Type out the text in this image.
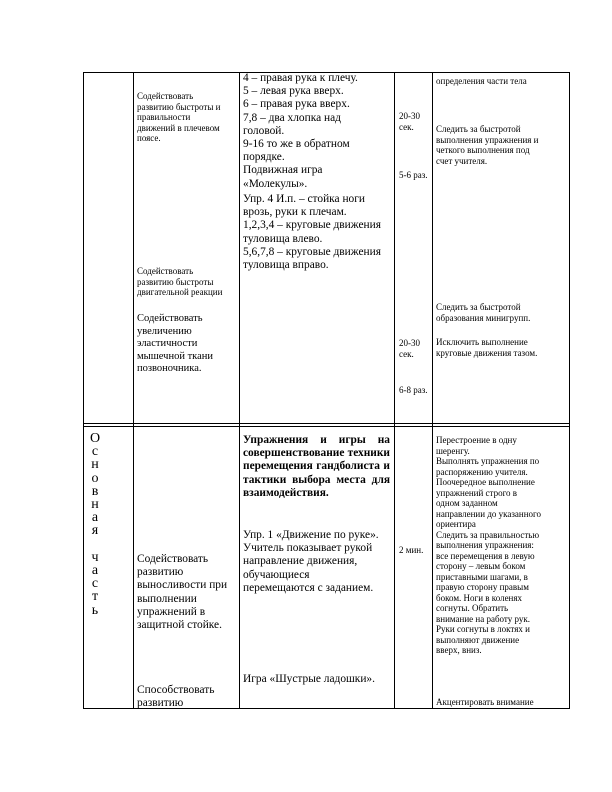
Содействовать
развитию быстроты и
правильности
движений в плечевом
поясе.
Содействовать
развитию быстроты
двигательной реакции
Содействовать
увеличению
эластичности
мышечной ткани
позвоночника.
4 – правая рука к плечу.
5 – левая рука вверх.
6 – правая рука вверх.
7,8 – два хлопка над
головой.
9-16 то же в обратном
порядке.
Подвижная игра
«Молекулы».
Упр. 4 И.п. – стойка ноги
врозь, руки к плечам.
1,2,3,4 – круговые движения
туловища влево.
5,6,7,8 – круговые движения
туловища вправо.
20-30
сек.
5-6 раз.
20-30
сек.
6-8 раз.
определения части тела
Следить за быстротой
выполнения упражнения и
четкого выполнения под
счет учителя.
Следить за быстротой
образования минигрупп.
Исключить выполнение
круговые движения тазом.
О
с
н
о
в
н
а
я

ч
а
с
т
ь
Содействовать
развитию
выносливости при
выполнении
упражнений в
защитной стойке.
Способствовать
развитию
Упражнения и игры на совершенствование техники перемещения гандболиста и тактики выбора места для взаимодействия.
Упр. 1 «Движение по руке».
Учитель показывает рукой
направление движения,
обучающиеся
перемещаются с заданием.
Игра «Шустрые ладошки».
2 мин.
Перестроение в одну
шеренгу.
Выполнять упражнения по
распоряжению учителя.
Поочередное выполнение
упражнений строго в
одном заданном
направлении до указанного
ориентира
Следить за правильностью
выполнения упражнения:
все перемещения в левую
сторону – левым боком
приставными шагами, в
правую сторону правым
боком. Ноги в коленях
согнуты. Обратить
внимание на работу рук.
Руки согнуты в локтях и
выполняют движение
вверх, вниз.
Акцентировать внимание
